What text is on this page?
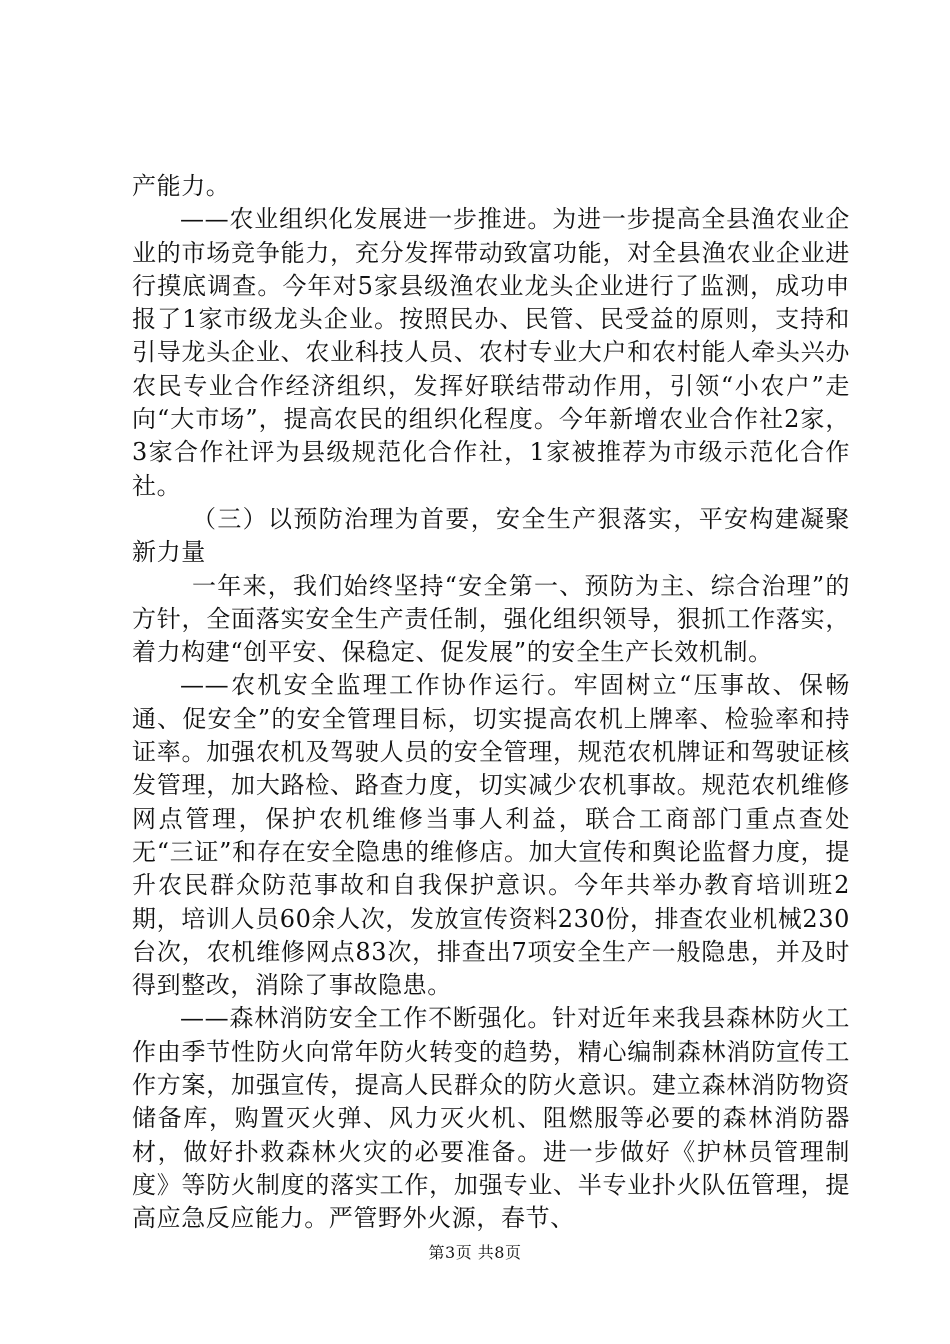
产能力。

——农业组织化发展进一步推进。为进一步提高全县渔农业企业的市场竞争能力，充分发挥带动致富功能，对全县渔农业企业进行摸底调查。今年对5家县级渔农业龙头企业进行了监测，成功申报了1家市级龙头企业。按照民办、民管、民受益的原则，支持和引导龙头企业、农业科技人员、农村专业大户和农村能人牵头兴办农民专业合作经济组织，发挥好联结带动作用，引领“小农户”走向“大市场”，提高农民的组织化程度。今年新增农业合作社2家，3家合作社评为县级规范化合作社，1家被推荐为市级示范化合作社。

（三）以预防治理为首要，安全生产狠落实，平安构建凝聚新力量

一年来，我们始终坚持“安全第一、预防为主、综合治理”的方针，全面落实安全生产责任制，强化组织领导，狠抓工作落实，着力构建“创平安、保稳定、促发展”的安全生产长效机制。

——农机安全监理工作协作运行。牢固树立“压事故、保畅通、促安全”的安全管理目标，切实提高农机上牌率、检验率和持证率。加强农机及驾驶人员的安全管理，规范农机牌证和驾驶证核发管理，加大路检、路查力度，切实减少农机事故。规范农机维修网点管理，保护农机维修当事人利益，联合工商部门重点查处无“三证”和存在安全隐患的维修店。加大宣传和舆论监督力度，提升农民群众防范事故和自我保护意识。今年共举办教育培训班2期，培训人员60余人次，发放宣传资料230份，排查农业机械230台次，农机维修网点83次，排查出7项安全生产一般隐患，并及时得到整改，消除了事故隐患。

——森林消防安全工作不断强化。针对近年来我县森林防火工作由季节性防火向常年防火转变的趋势，精心编制森林消防宣传工作方案，加强宣传，提高人民群众的防火意识。建立森林消防物资储备库，购置灭火弹、风力灭火机、阻燃服等必要的森林消防器材，做好扑救森林火灾的必要准备。进一步做好《护林员管理制度》等防火制度的落实工作，加强专业、半专业扑火队伍管理，提高应急反应能力。严管野外火源，春节、

第3页 共8页
